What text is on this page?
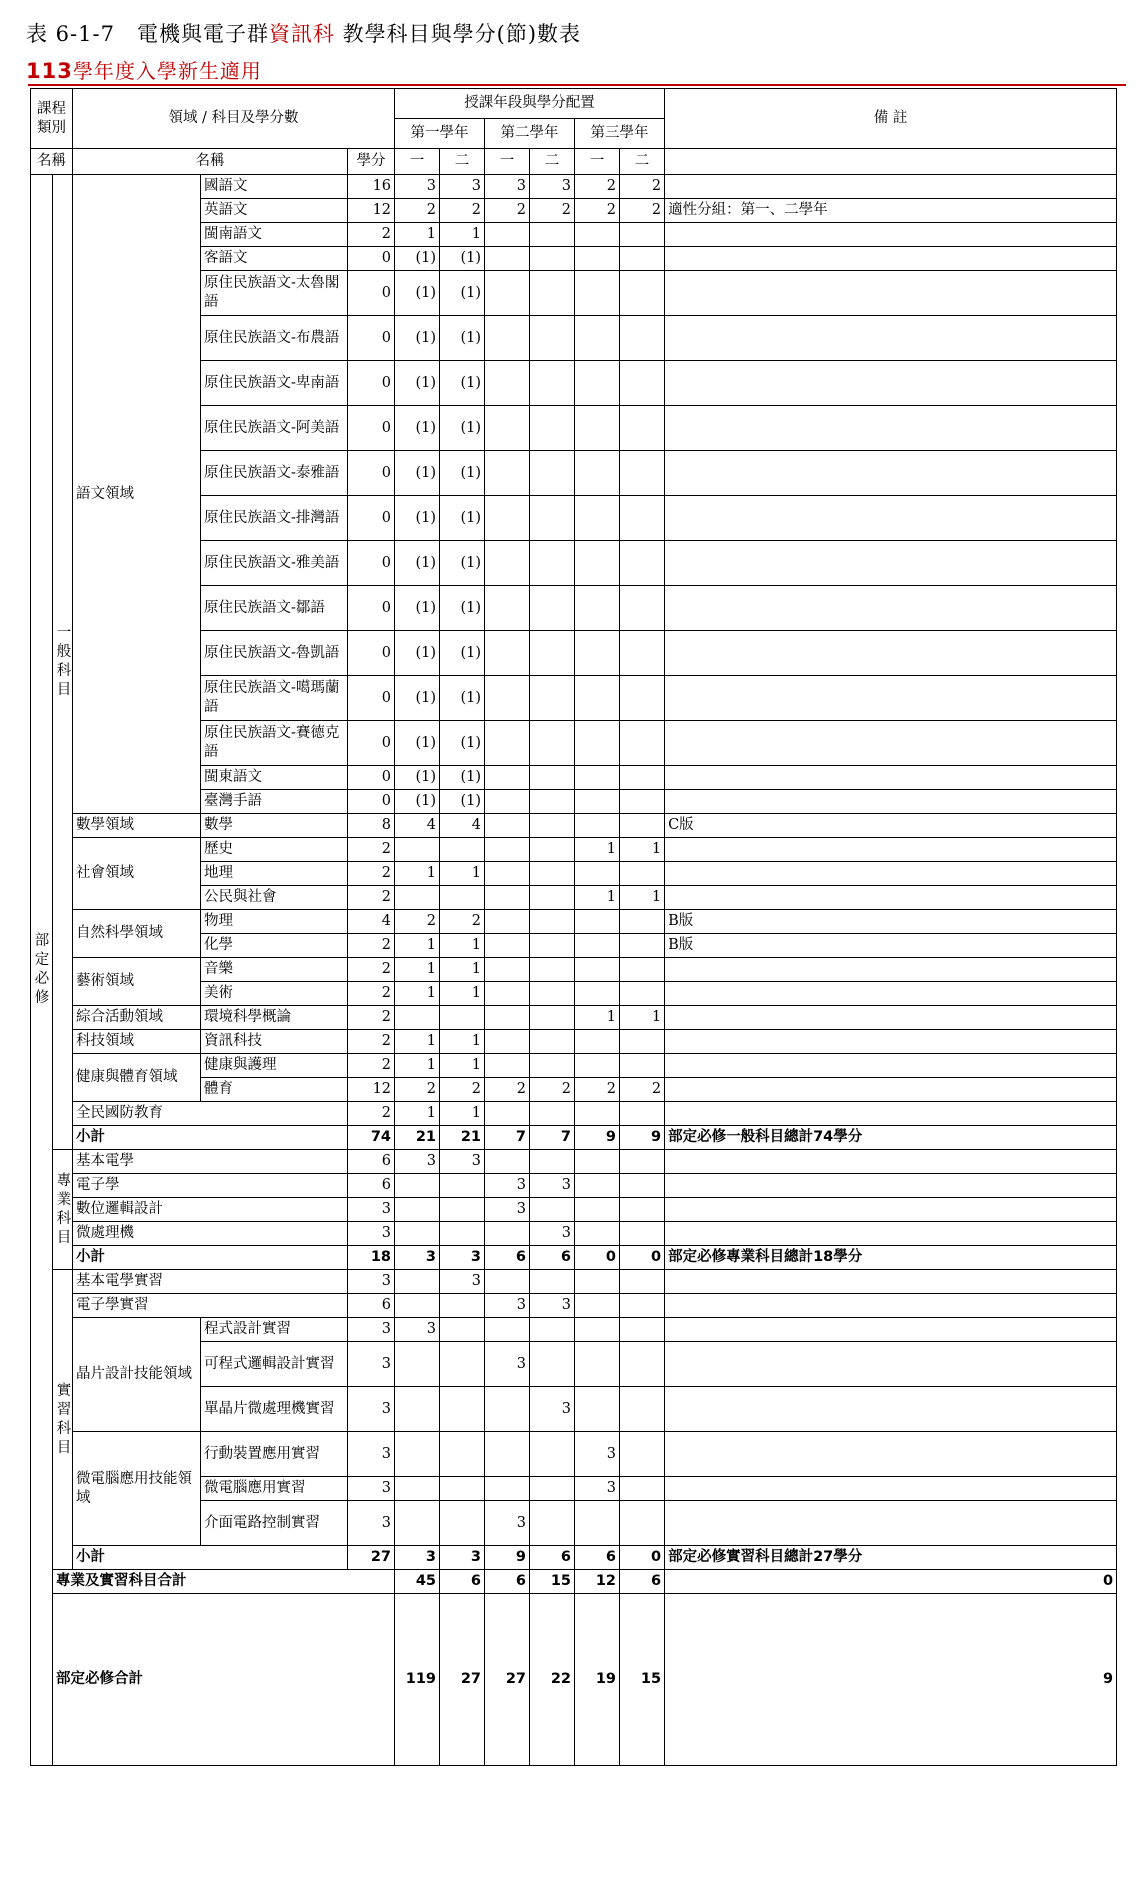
表 6-1-7　電機與電子群資訊科 教學科目與學分(節)數表
113學年度入學新生適用
課程類別		領域 / 科目及學分數			授課年段與學分配置						備 註	
					第一學年		第二學年		第三學年			
名稱		名稱		學分	一	二	一	二	一	二		
部定必修	一般科目	語文領域	國語文	16	3	3	3	3	2	2		
			英語文	12	2	2	2	2	2	2	適性分組：第一、二學年	
			閩南語文	2	1	1						
			客語文	0	(1)	(1)						
			原住民族語文-太魯閣語	0	(1)	(1)						
			原住民族語文-布農語	0	(1)	(1)						
			原住民族語文-卑南語	0	(1)	(1)						
			原住民族語文-阿美語	0	(1)	(1)						
			原住民族語文-泰雅語	0	(1)	(1)						
			原住民族語文-排灣語	0	(1)	(1)						
			原住民族語文-雅美語	0	(1)	(1)						
			原住民族語文-鄒語	0	(1)	(1)						
			原住民族語文-魯凱語	0	(1)	(1)						
			原住民族語文-噶瑪蘭語	0	(1)	(1)						
			原住民族語文-賽德克語	0	(1)	(1)						
			閩東語文	0	(1)	(1)						
			臺灣手語	0	(1)	(1)						
		數學領域	數學	8	4	4					C版	
		社會領域	歷史	2					1	1		
			地理	2	1	1						
			公民與社會	2					1	1		
		自然科學領域	物理	4	2	2					B版	
			化學	2	1	1					B版	
		藝術領域	音樂	2	1	1						
			美術	2	1	1						
		綜合活動領域	環境科學概論	2					1	1		
		科技領域	資訊科技	2	1	1						
		健康與體育領域	健康與護理	2	1	1						
			體育	12	2	2	2	2	2	2		
		全民國防教育		2	1	1						
		小計		74	21	21	7	7	9	9	部定必修一般科目總計74學分	
	專業科目	基本電學		6	3	3						
		電子學		6			3	3				
		數位邏輯設計		3			3					
		微處理機		3				3				
		小計		18	3	3	6	6	0	0	部定必修專業科目總計18學分	
	實習科目	基本電學實習		3		3						
		電子學實習		6			3	3				
		晶片設計技能領域	程式設計實習	3	3							
			可程式邏輯設計實習	3			3					
			單晶片微處理機實習	3				3				
		微電腦應用技能領域	行動裝置應用實習	3					3			
			微電腦應用實習	3					3			
			介面電路控制實習	3			3					
		小計		27	3	3	9	6	6	0	部定必修實習科目總計27學分	
	專業及實習科目合計				45	6	6	15	12	6	0	
	部定必修合計				119	27	27	22	19	15	9	
